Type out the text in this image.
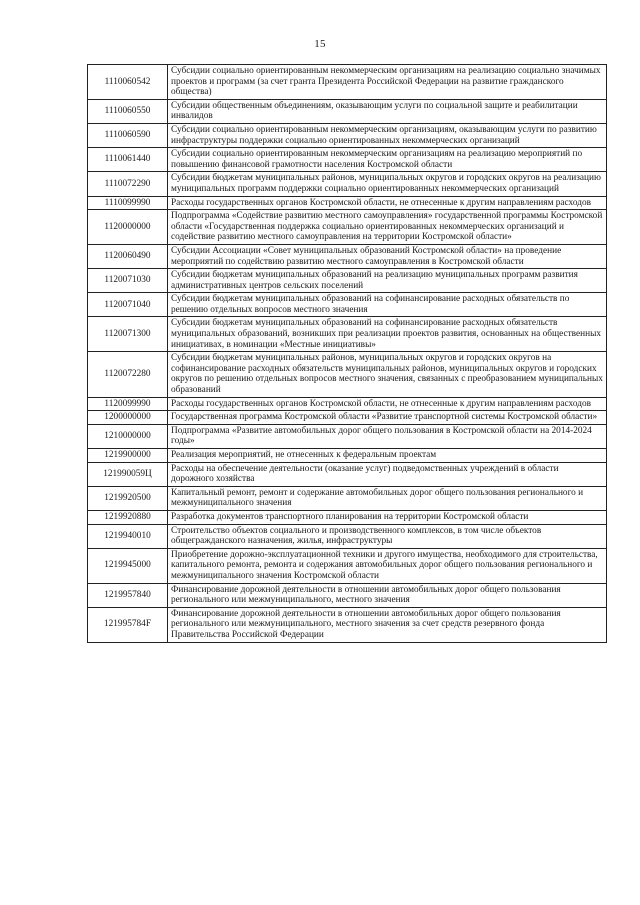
15
1110060542	Субсидии социально ориентированным некоммерческим организациям на реализацию социально значимых проектов и программ (за счет гранта Президента Российской Федерации на развитие гражданского общества)
1110060550	Субсидии общественным объединениям, оказывающим услуги по социальной защите и реабилитации инвалидов
1110060590	Субсидии социально ориентированным некоммерческим организациям, оказывающим услуги по развитию инфраструктуры поддержки социально ориентированных некоммерческих организаций
1110061440	Субсидии социально ориентированным некоммерческим организациям на реализацию мероприятий по повышению финансовой грамотности населения Костромской области
1110072290	Субсидии бюджетам муниципальных районов, муниципальных округов и городских округов на реализацию муниципальных программ поддержки социально ориентированных некоммерческих организаций
1110099990	Расходы государственных органов Костромской области, не отнесенные к другим направлениям расходов
1120000000	Подпрограмма «Содействие развитию местного самоуправления» государственной программы Костромской области «Государственная поддержка социально ориентированных некоммерческих организаций и содействие развитию местного самоуправления на территории Костромской области»
1120060490	Субсидии Ассоциации «Совет муниципальных образований Костромской области» на проведение мероприятий по содействию развитию местного самоуправления в Костромской области
1120071030	Субсидии бюджетам муниципальных образований на реализацию муниципальных программ развития административных центров сельских поселений
1120071040	Субсидии бюджетам муниципальных образований на софинансирование расходных обязательств по решению отдельных вопросов местного значения
1120071300	Субсидии бюджетам муниципальных образований на софинансирование расходных обязательств муниципальных образований, возникших при реализации проектов развития, основанных на общественных инициативах, в номинации «Местные инициативы»
1120072280	Субсидии бюджетам муниципальных районов, муниципальных округов и городских округов на софинансирование расходных обязательств муниципальных районов, муниципальных округов и городских округов по решению отдельных вопросов местного значения, связанных с преобразованием муниципальных образований
1120099990	Расходы государственных органов Костромской области, не отнесенные к другим направлениям расходов
1200000000	Государственная программа Костромской области «Развитие транспортной системы Костромской области»
1210000000	Подпрограмма «Развитие автомобильных дорог общего пользования в Костромской области на 2014-2024 годы»
1219900000	Реализация мероприятий, не отнесенных к федеральным проектам
121990059Ц	Расходы на обеспечение деятельности (оказание услуг) подведомственных учреждений в области дорожного хозяйства
1219920500	Капитальный ремонт, ремонт и содержание автомобильных дорог общего пользования регионального и межмуниципального значения
1219920880	Разработка документов транспортного планирования на территории Костромской области
1219940010	Строительство объектов социального и производственного комплексов, в том числе объектов общегражданского назначения, жилья, инфраструктуры
1219945000	Приобретение дорожно-эксплуатационной техники и другого имущества, необходимого для строительства, капитального ремонта, ремонта и содержания автомобильных дорог общего пользования регионального и межмуниципального значения Костромской области
1219957840	Финансирование дорожной деятельности в отношении автомобильных дорог общего пользования регионального или межмуниципального, местного значения
121995784F	Финансирование дорожной деятельности в отношении автомобильных дорог общего пользования регионального или межмуниципального, местного значения за счет средств резервного фонда Правительства Российской Федерации
